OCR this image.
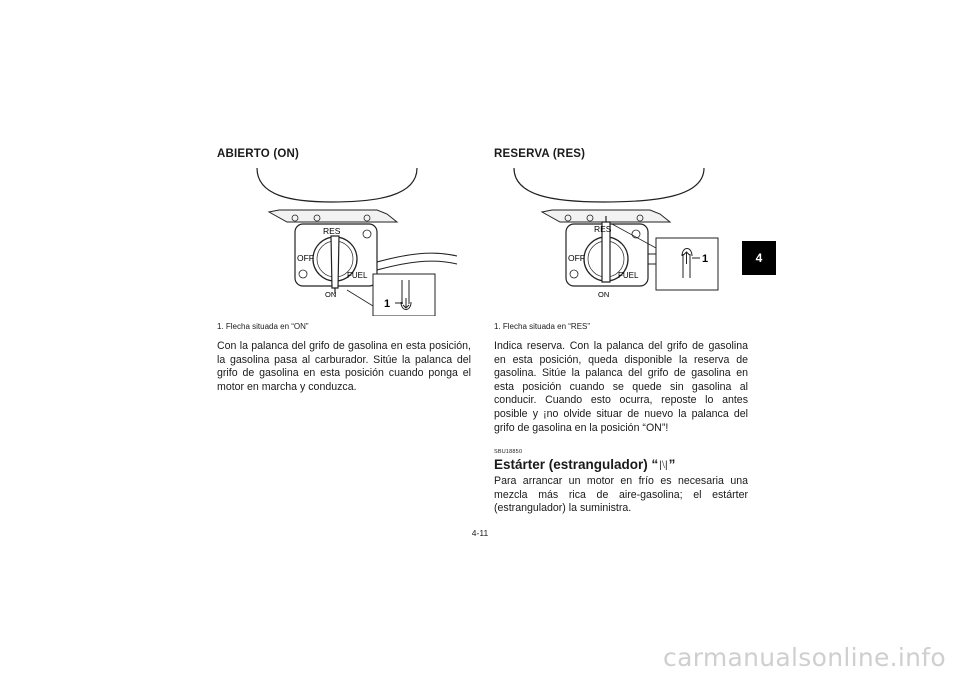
ABIERTO (ON)
RES
OFF
FUEL
ON
1
1. Flecha situada en “ON”

Con la palanca del grifo de gasolina en esta posición, la gasolina pasa al carburador. Sitúe la palanca del grifo de gasolina en esta posición cuando ponga el motor en marcha y conduzca.

RESERVA (RES)
RES
OFF
FUEL
ON
1
1. Flecha situada en “RES”

Indica reserva. Con la palanca del grifo de gasolina en esta posición, queda disponible la reserva de gasolina. Sitúe la palanca del grifo de gasolina en esta posición cuando se quede sin gasolina al conducir. Cuando esto ocurra, reposte lo antes posible y ¡no olvide situar de nuevo la palanca del grifo de gasolina en la posición “ON”!

SBU18850
Estárter (estrangulador) “|⧵|”

Para arrancar un motor en frío es necesaria una mezcla más rica de aire-gasolina; el estárter (estrangulador) la suministra.

4
4-11
carmanualsonline.info
